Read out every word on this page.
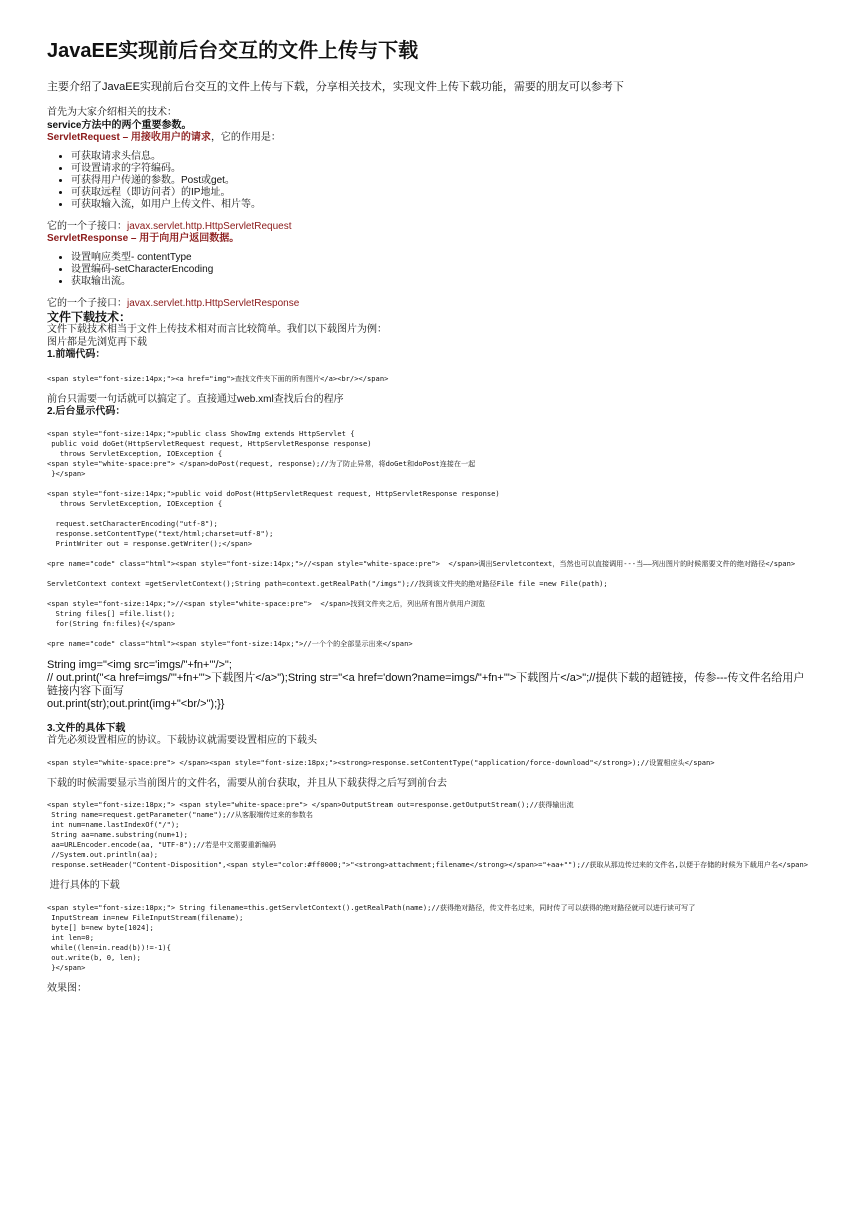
JavaEE实现前后台交互的文件上传与下载

主要介绍了JavaEE实现前后台交互的文件上传与下载，分享相关技术，实现文件上传下载功能，需要的朋友可以参考下

首先为大家介绍相关的技术：

service方法中的两个重要参数。

ServletRequest – 用接收用户的请求，它的作用是：

• 可获取请求头信息。
• 可设置请求的字符编码。
• 可获得用户传递的参数。Post或get。
• 可获取远程（即访问者）的IP地址。
• 可获取输入流，如用户上传文件、相片等。

它的一个子接口：javax.servlet.http.HttpServletRequest

ServletResponse – 用于向用户返回数据。

• 设置响应类型- contentType
• 设置编码-setCharacterEncoding
• 获取输出流。

它的一个子接口：javax.servlet.http.HttpServletResponse

文件下载技术：

文件下载技术相当于文件上传技术相对而言比较简单。我们以下载图片为例：

图片都是先浏览再下载

1.前端代码：

<span style="font-size:14px;"><a href="img">查找文件夹下面的所有图片</a><br/></span>

前台只需要一句话就可以搞定了。直接通过web.xml查找后台的程序

2.后台显示代码：

<span style="font-size:14px;">public class ShowImg extends HttpServlet {
public void doGet(HttpServletRequest request, HttpServletResponse response)
throws ServletException, IOException {
<span style="white-space:pre"> </span>doPost(request, response);//为了防止异常，将doGet和doPost连接在一起
}</span>
<span style="font-size:14px;">public void doPost(HttpServletRequest request, HttpServletResponse response)
throws ServletException, IOException {

request.setCharacterEncoding("utf-8");
response.setContentType("text/html;charset=utf-8");
PrintWriter out = response.getWriter();</span>
<pre name="code" class="html"><span style="font-size:14px;">//<span style="white-space:pre">  </span>调出Servletcontext，当然也可以直接调用---当——列出图片的时候需要文件的绝对路径</span>
ServletContext context =getServletContext();String path=context.getRealPath("/imgs");//找到该文件夹的绝对路径File file =new File(path);
<span style="font-size:14px;">//<span style="white-space:pre">  </span>找到文件夹之后，列出所有图片供用户浏览
String files[] =file.list();
for(String fn:files){</span>
<pre name="code" class="html"><span style="font-size:14px;">//一个个的全部显示出来</span>

String img="<img src='imgs/"+fn+"'/>";

// out.print("<a href=imgs/'"+fn+"'>下载图片</a>");String str="<a href='down?name=imgs/"+fn+"'>下载图片</a>";//提供下载的超链接，传参---传文件名给用户链接内容下面写

out.print(str);out.print(img+"<br/>");}}

3.文件的具体下载

首先必须设置相应的协议。下载协议就需要设置相应的下载头

<span style="white-space:pre"> </span><span style="font-size:18px;"><strong>response.setContentType("application/force-download"</strong>);//设置相应头</span>

下载的时候需要显示当前图片的文件名，需要从前台获取，并且从下载获得之后写到前台去

<span style="font-size:18px;"> <span style="white-space:pre"> </span>OutputStream out=response.getOutputStream();//获得输出流
String name=request.getParameter("name");//从客服端传过来的参数名
int num=name.lastIndexOf("/");
String aa=name.substring(num+1);
aa=URLEncoder.encode(aa, "UTF-8");//若是中文需要重新编码
//System.out.println(aa);
response.setHeader("Content-Disposition",<span style="color:#ff0000;">"<strong>attachment;filename</strong></span>="+aa+"");//获取从那边传过来的文件名,以便于存储的时候为下载用户名</span>

进行具体的下载

<span style="font-size:18px;"> String filename=this.getServletContext().getRealPath(name);//获得绝对路径，传文件名过来，同时传了可以获得的绝对路径就可以进行读可写了
InputStream in=new FileInputStream(filename);
byte[] b=new byte[1024];
int len=0;
while((len=in.read(b))!=-1){
out.write(b, 0, len);
}</span>

效果图：
